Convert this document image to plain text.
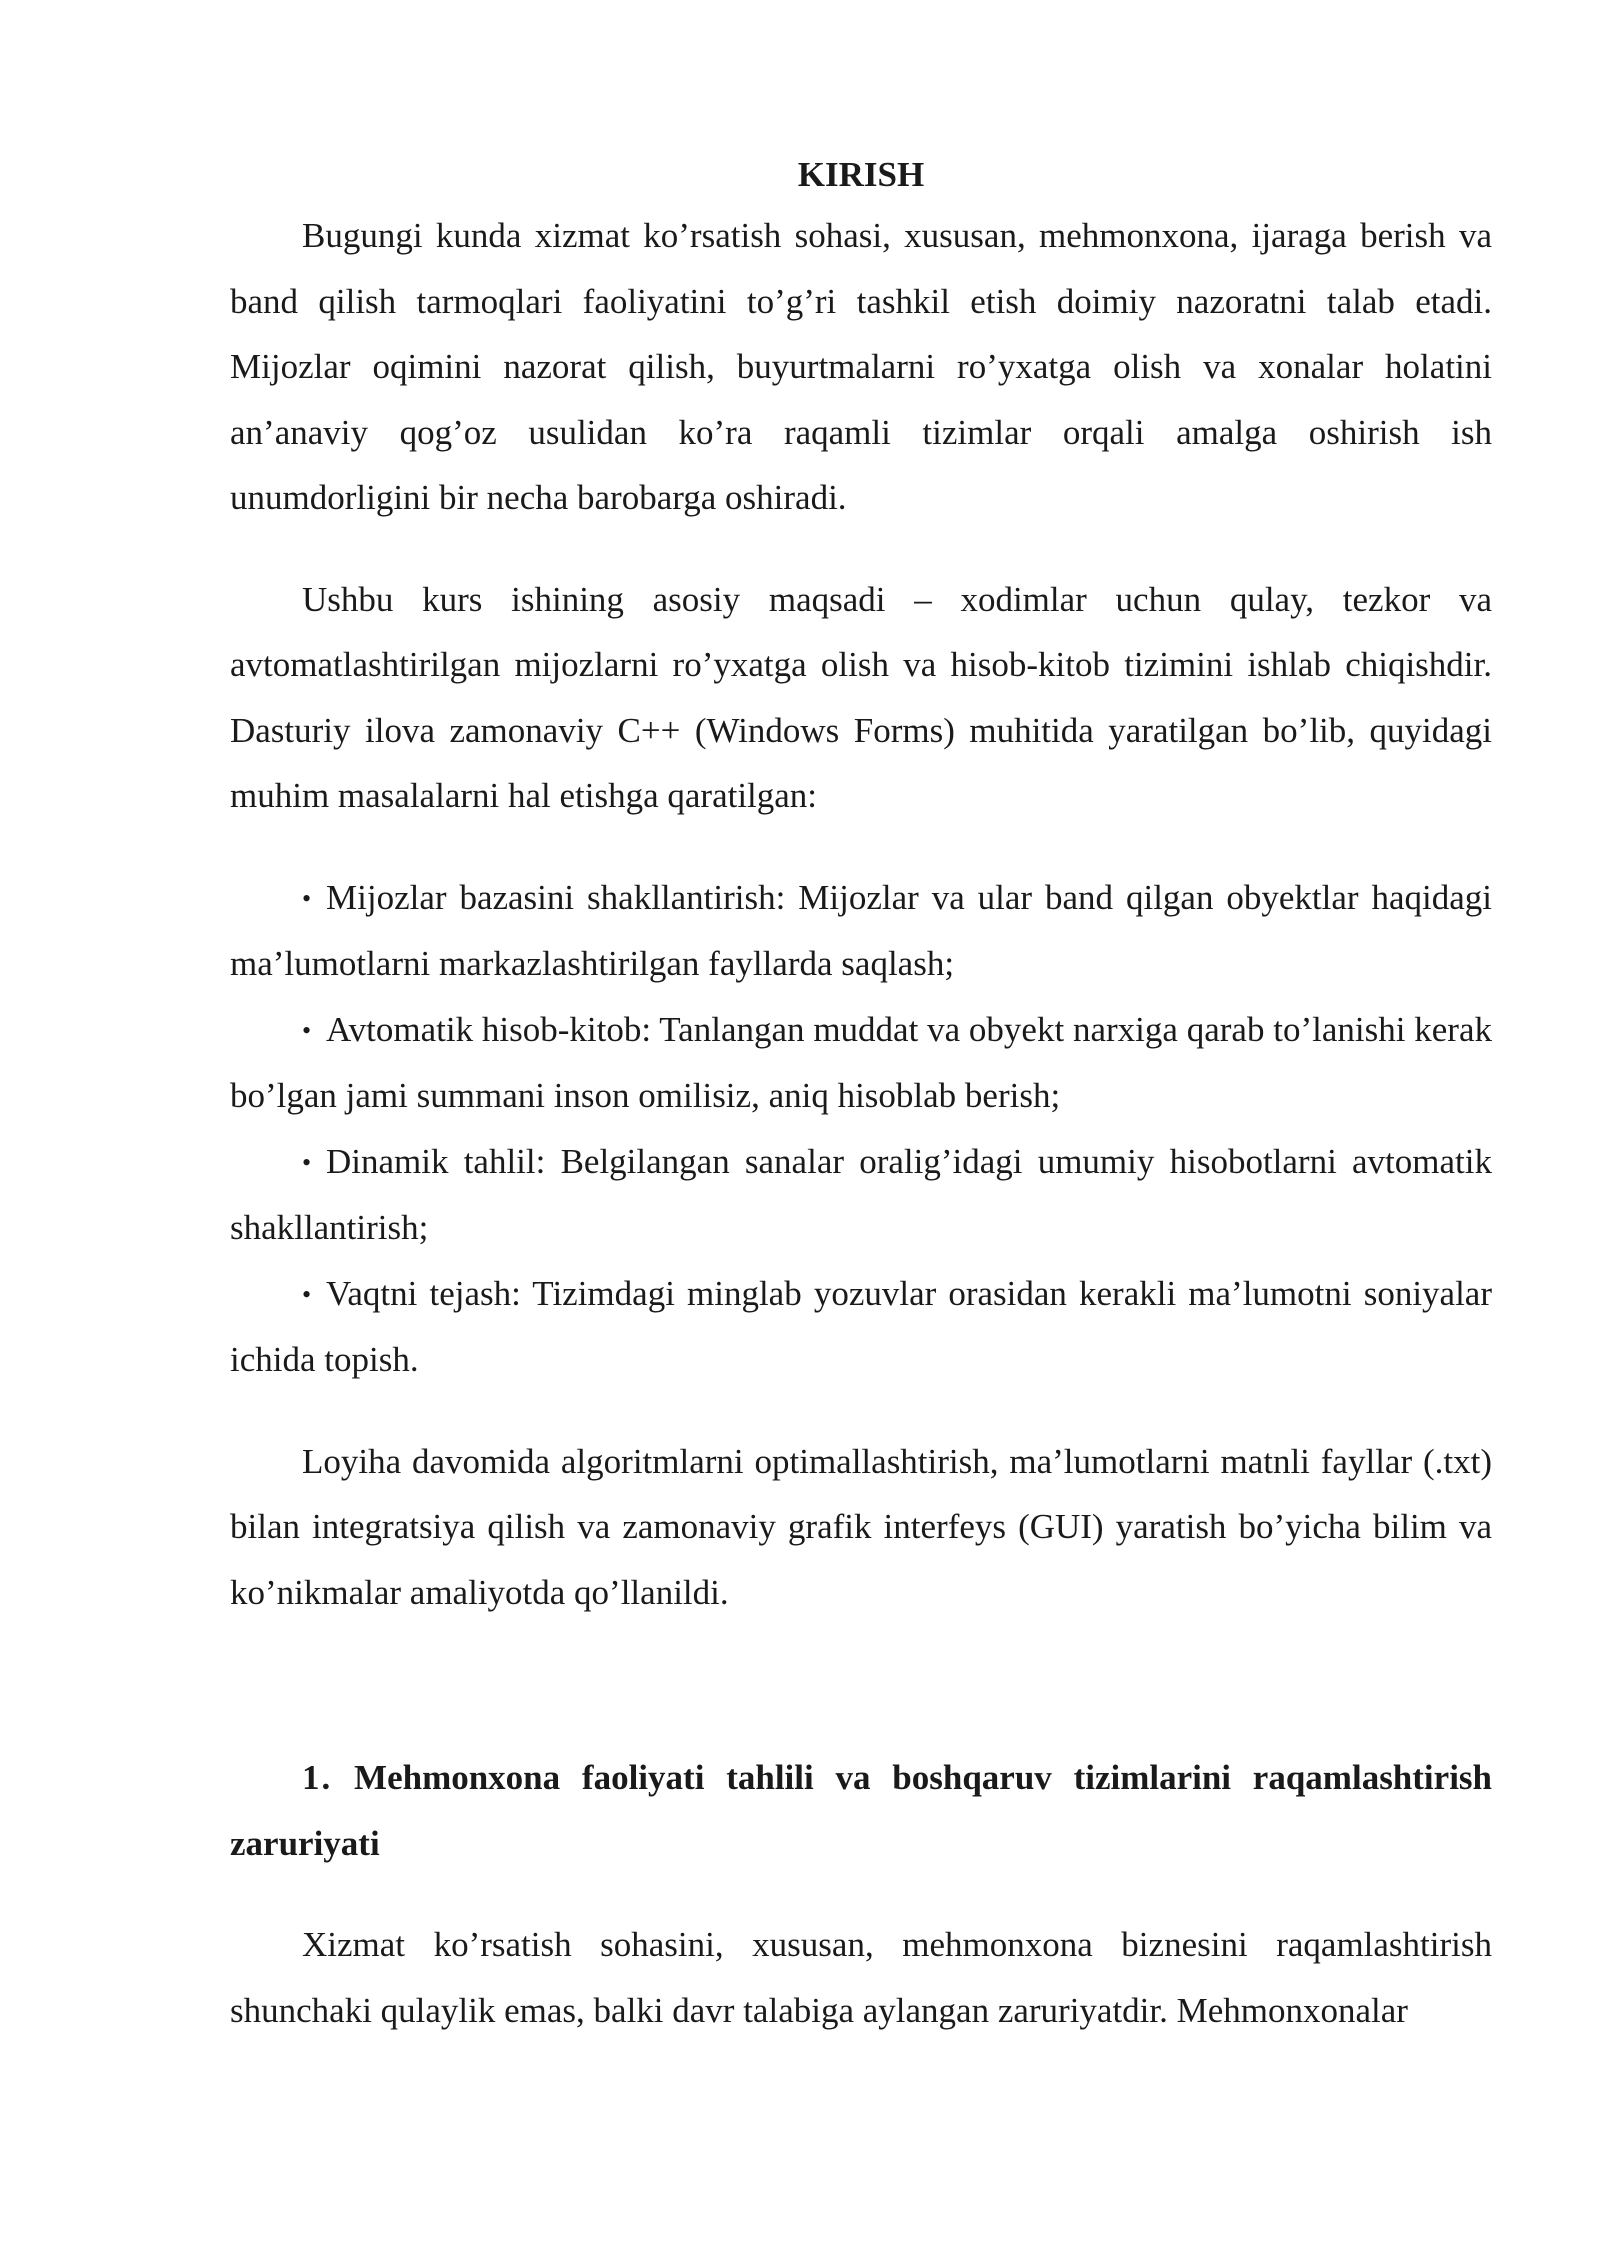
KIRISH

Bugungi kunda xizmat ko’rsatish sohasi, xususan, mehmonxona, ijaraga berish va band qilish tarmoqlari faoliyatini to’g’ri tashkil etish doimiy nazoratni talab etadi. Mijozlar oqimini nazorat qilish, buyurtmalarni ro’yxatga olish va xonalar holatini an’anaviy qog’oz usulidan ko’ra raqamli tizimlar orqali amalga oshirish ish unumdorligini bir necha barobarga oshiradi.

Ushbu kurs ishining asosiy maqsadi – xodimlar uchun qulay, tezkor va avtomatlashtirilgan mijozlarni ro’yxatga olish va hisob-kitob tizimini ishlab chiqishdir. Dasturiy ilova zamonaviy C++ (Windows Forms) muhitida yaratilgan bo’lib, quyidagi muhim masalalarni hal etishga qaratilgan:

• Mijozlar bazasini shakllantirish: Mijozlar va ular band qilgan obyektlar haqidagi ma’lumotlarni markazlashtirilgan fayllarda saqlash;
• Avtomatik hisob-kitob: Tanlangan muddat va obyekt narxiga qarab to’lanishi kerak bo’lgan jami summani inson omilisiz, aniq hisoblab berish;
• Dinamik tahlil: Belgilangan sanalar oralig’idagi umumiy hisobotlarni avtomatik shakllantirish;
• Vaqtni tejash: Tizimdagi minglab yozuvlar orasidan kerakli ma’lumotni soniyalar ichida topish.

Loyiha davomida algoritmlarni optimallashtirish, ma’lumotlarni matnli fayllar (.txt) bilan integratsiya qilish va zamonaviy grafik interfeys (GUI) yaratish bo’yicha bilim va ko’nikmalar amaliyotda qo’llanildi.

1. Mehmonxona faoliyati tahlili va boshqaruv tizimlarini raqamlashtirish zaruriyati

Xizmat ko’rsatish sohasini, xususan, mehmonxona biznesini raqamlashtirish shunchaki qulaylik emas, balki davr talabiga aylangan zaruriyatdir. Mehmonxonalar
